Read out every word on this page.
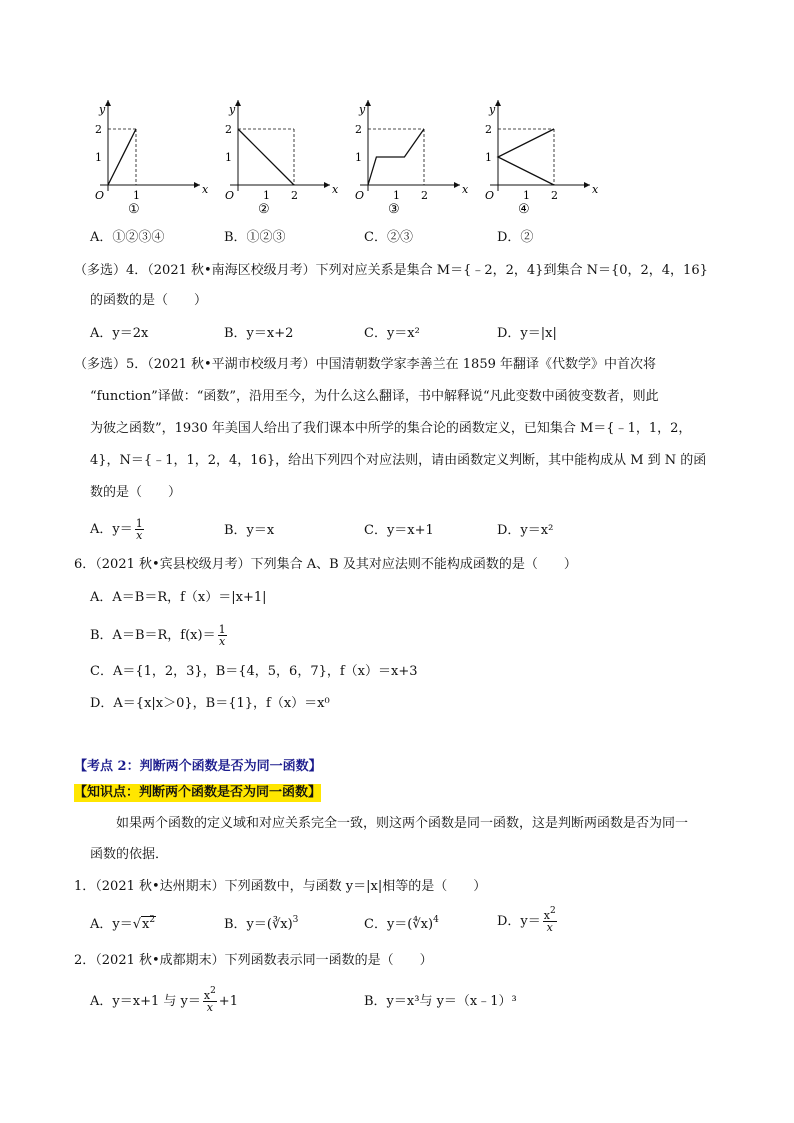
y
x
O
1
2
1
①
y
x
O
1
2
1 2
②
y
x
O
1
2
1 2
③
y
x
O
1
2
1 2
④
A．①②③④	B．①②③	C．②③	D．②
（多选）4．（2021 秋•南海区校级月考）下列对应关系是集合 M＝{﹣2，2，4}到集合 N＝{0，2，4，16}
的函数的是（　　）
A．y＝2x	B．y＝x+2	C．y＝x²	D．y＝|x|
（多选）5．（2021 秋•平湖市校级月考）中国清朝数学家李善兰在 1859 年翻译《代数学》中首次将
“function”译做：“函数”，沿用至今，为什么这么翻译，书中解释说“凡此变数中函彼变数者，则此
为彼之函数”，1930 年美国人给出了我们课本中所学的集合论的函数定义，已知集合 M＝{﹣1，1，2，
4}，N＝{﹣1，1，2，4，16}，给出下列四个对应法则，请由函数定义判断，其中能构成从 M 到 N 的函
数的是（　　）
A．$y= \frac{1}{x}$	B．y＝x	C．y＝x+1	D．y＝x²
6．（2021 秋•宾县校级月考）下列集合 A、B 及其对应法则不能构成函数的是（　　）
A．A＝B＝R，f（x）＝|x+1|
B．A＝B＝R，$f(x)= \frac{1}{x}$
C．A＝{1，2，3}，B＝{4，5，6，7}，f（x）＝x+3
D．A＝{x|x＞0}，B＝{1}，f（x）＝x⁰
【考点 2：判断两个函数是否为同一函数】
【知识点：判断两个函数是否为同一函数】
如果两个函数的定义域和对应关系完全一致，则这两个函数是同一函数，这是判断两函数是否为同一
函数的依据．
1．（2021 秋•达州期末）下列函数中，与函数 y＝|x|相等的是（　　）
A．$y=√x^2$	B．y＝(∛x)$^3$	C．y＝(∜x)$^4$	D．$y= \frac{x^2}{x}$
2．（2021 秋•成都期末）下列函数表示同一函数的是（　　）
A．y＝x+1 与 $y= \frac{x^2}{x} +1$	B．y＝x³与 y＝（x﹣1）³
